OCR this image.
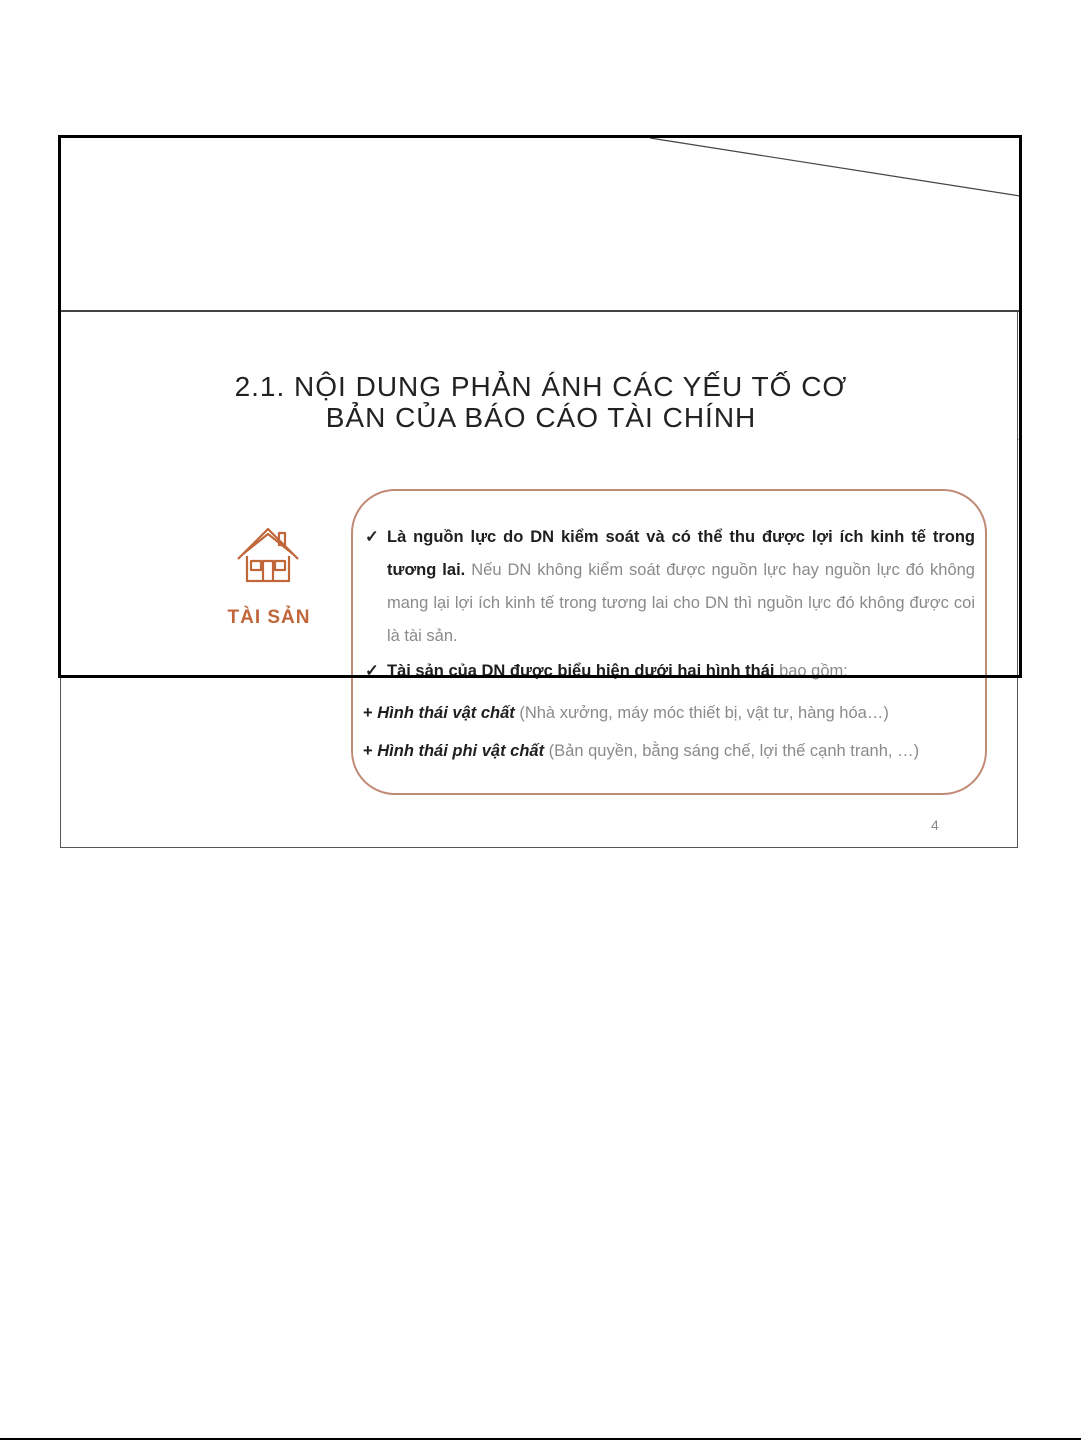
2.1. NỘI DUNG PHẢN ÁNH CÁC YẾU TỐ CƠ
BẢN CỦA BÁO CÁO TÀI CHÍNH
TÀI SẢN
✓ Là nguồn lực do DN kiểm soát và có thể thu được lợi ích kinh tế trong tương lai. Nếu DN không kiểm soát được nguồn lực hay nguồn lực đó không mang lại lợi ích kinh tế trong tương lai cho DN thì nguồn lực đó không được coi là tài sản.
✓ Tài sản của DN được biểu hiện dưới hai hình thái bao gồm:
+ Hình thái vật chất (Nhà xưởng, máy móc thiết bị, vật tư, hàng hóa…)
+ Hình thái phi vật chất (Bản quyền, bằng sáng chế, lợi thế cạnh tranh, …)
4
